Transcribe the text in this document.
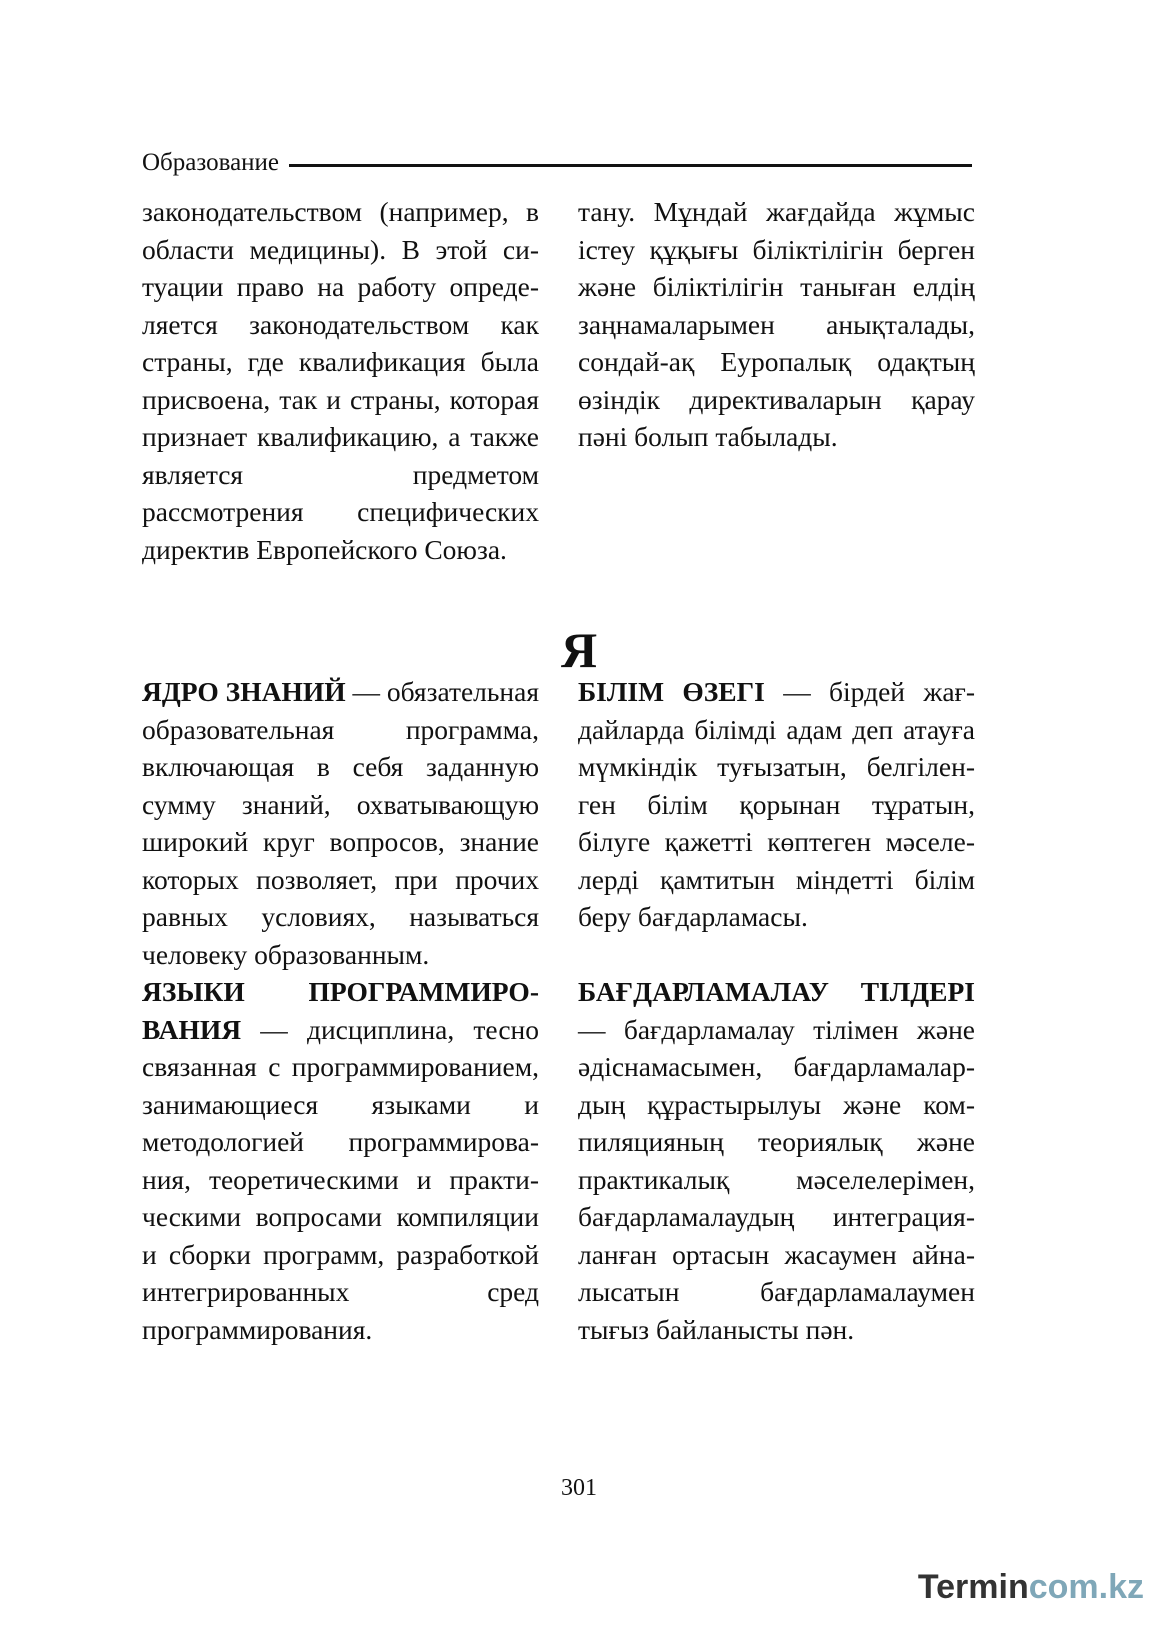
Образование

законодательством (например, в области медицины). В этой ситуации право на работу определяется законодательством как страны, где квалификация была присвоена, так и страны, которая признает квалификацию, а также является предметом рассмотрения специфических директив Европейского Союза.

тану. Мұндай жағдайда жұмыс істеу құқығы біліктілігін берген және біліктілігін таныған елдің заңнамаларымен анықталады, сондай-ақ Еуропалық одақтың өзіндік директиваларын қарау пәні болып табылады.

Я

ЯДРО ЗНАНИЙ — обязательная образовательная программа, включающая в себя заданную сумму знаний, охватывающую широкий круг вопросов, знание которых позволяет, при прочих равных условиях, называться человеку образованным.

ЯЗЫКИ ПРОГРАММИРОВАНИЯ — дисциплина, тесно связанная с программированием, занимающиеся языками и методологией программирования, теоретическими и практическими вопросами компиляции и сборки программ, разработкой интегрированных сред программирования.

БІЛІМ ӨЗЕГІ — бірдей жағдайларда білімді адам деп атауға мүмкіндік туғызатын, белгіленген білім қорынан тұратын, білуге қажетті көптеген мәселелерді қамтитын міндетті білім беру бағдарламасы.

БАҒДАРЛАМАЛАУ ТІЛДЕРІ — бағдарламалау тілімен және әдіснамасымен, бағдарламалардың құрастырылуы және компиляцияның теориялық және практикалық мәселелерімен, бағдарламалаудың интеграцияланған ортасын жасаумен айналысатын бағдарламалаумен тығыз байланысты пән.

301
Termincom.kz
